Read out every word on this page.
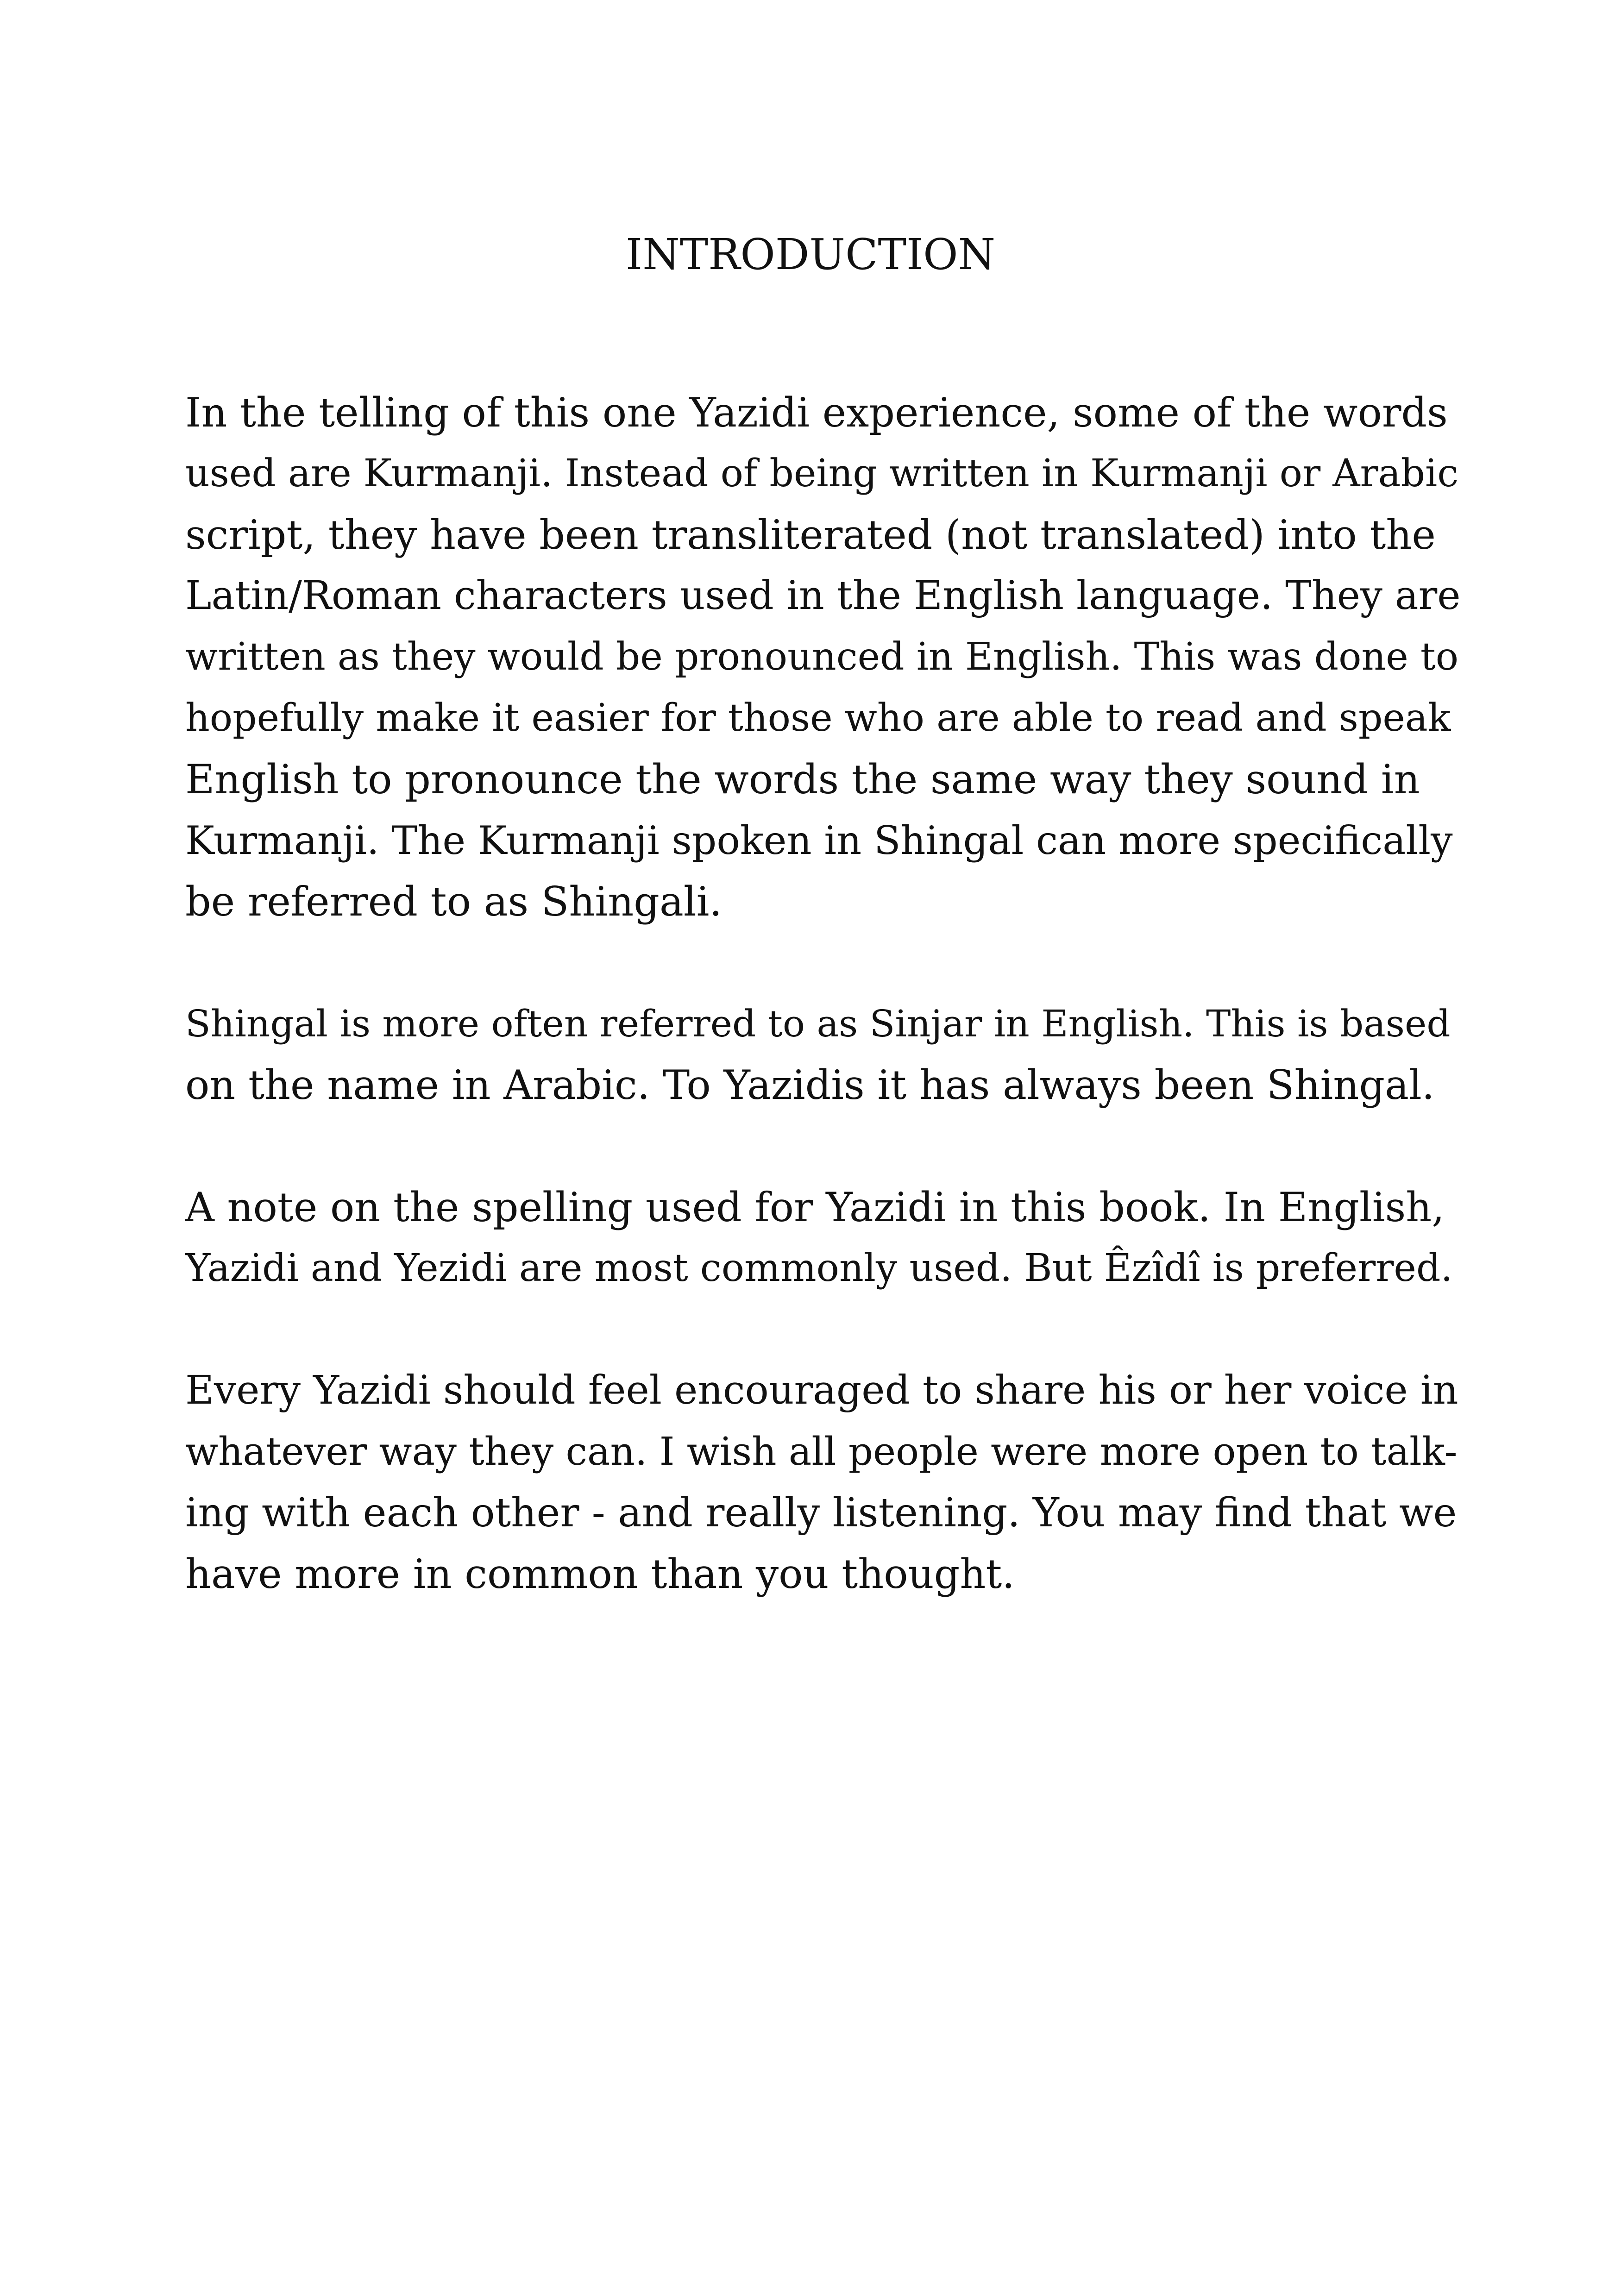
INTRODUCTION
In the telling of this one Yazidi experience, some of the words
used are Kurmanji. Instead of being written in Kurmanji or Arabic
script, they have been transliterated (not translated) into the
Latin/Roman characters used in the English language. They are
written as they would be pronounced in English. This was done to
hopefully make it easier for those who are able to read and speak
English to pronounce the words the same way they sound in
Kurmanji. The Kurmanji spoken in Shingal can more specifically
be referred to as Shingali.
Shingal is more often referred to as Sinjar in English. This is based
on the name in Arabic. To Yazidis it has always been Shingal.
A note on the spelling used for Yazidi in this book. In English,
Yazidi and Yezidi are most commonly used. But Êzîdî is preferred.
Every Yazidi should feel encouraged to share his or her voice in
whatever way they can. I wish all people were more open to talk-
ing with each other - and really listening. You may find that we
have more in common than you thought.
